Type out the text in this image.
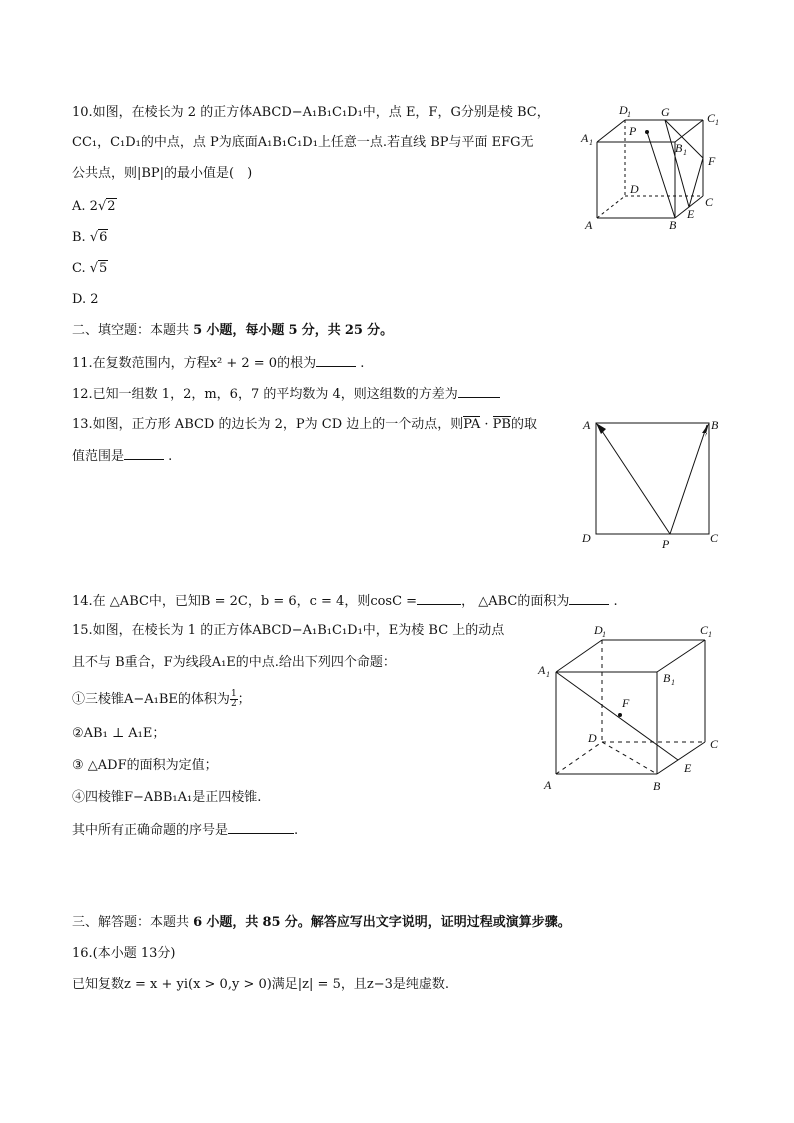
10.如图，在棱长为 2 的正方体ABCD−A₁B₁C₁D₁中，点 E，F，G分别是棱 BC，
CC₁，C₁D₁的中点，点 P为底面A₁B₁C₁D₁上任意一点.若直线 BP与平面 EFG无
公共点，则|BP|的最小值是(　)
A. 2√2
B. √6
C. √5
D. 2
D 1	G	C 1
A 1
P
B 1
F
D
C
E
A	B
二、填空题：本题共 5 小题，每小题 5 分，共 25 分。
11.在复数范围内，方程x² + 2 = 0的根为	.
12.已知一组数 1，2，m，6，7 的平均数为 4，则这组数的方差为
13.如图，正方形 ABCD 的边长为 2，P为 CD 边上的一个动点，则PA · PB的取
值范围是	.
A	B
D	P	C
14.在 △ABC中，已知B = 2C，b = 6，c = 4，则cosC =	， △ABC的面积为	.
15.如图，在棱长为 1 的正方体ABCD−A₁B₁C₁D₁中，E为棱 BC 上的动点
且不与 B重合，F为线段A₁E的中点.给出下列四个命题：
①三棱锥A−A₁BE的体积为 $\frac{1}{2}$ ；
②AB₁ ⊥ A₁E；
③ △ADF的面积为定值；
④四棱锥F−ABB₁A₁是正四棱锥.
其中所有正确命题的序号是	.
D 1	C 1
A 1	B 1
F
D	C
E
A	B
三、解答题：本题共 6 小题，共 85 分。解答应写出文字说明，证明过程或演算步骤。
16.(本小题 13分)
已知复数z = x + yi(x > 0,y > 0)满足|z| = 5，且z−3是纯虚数.
